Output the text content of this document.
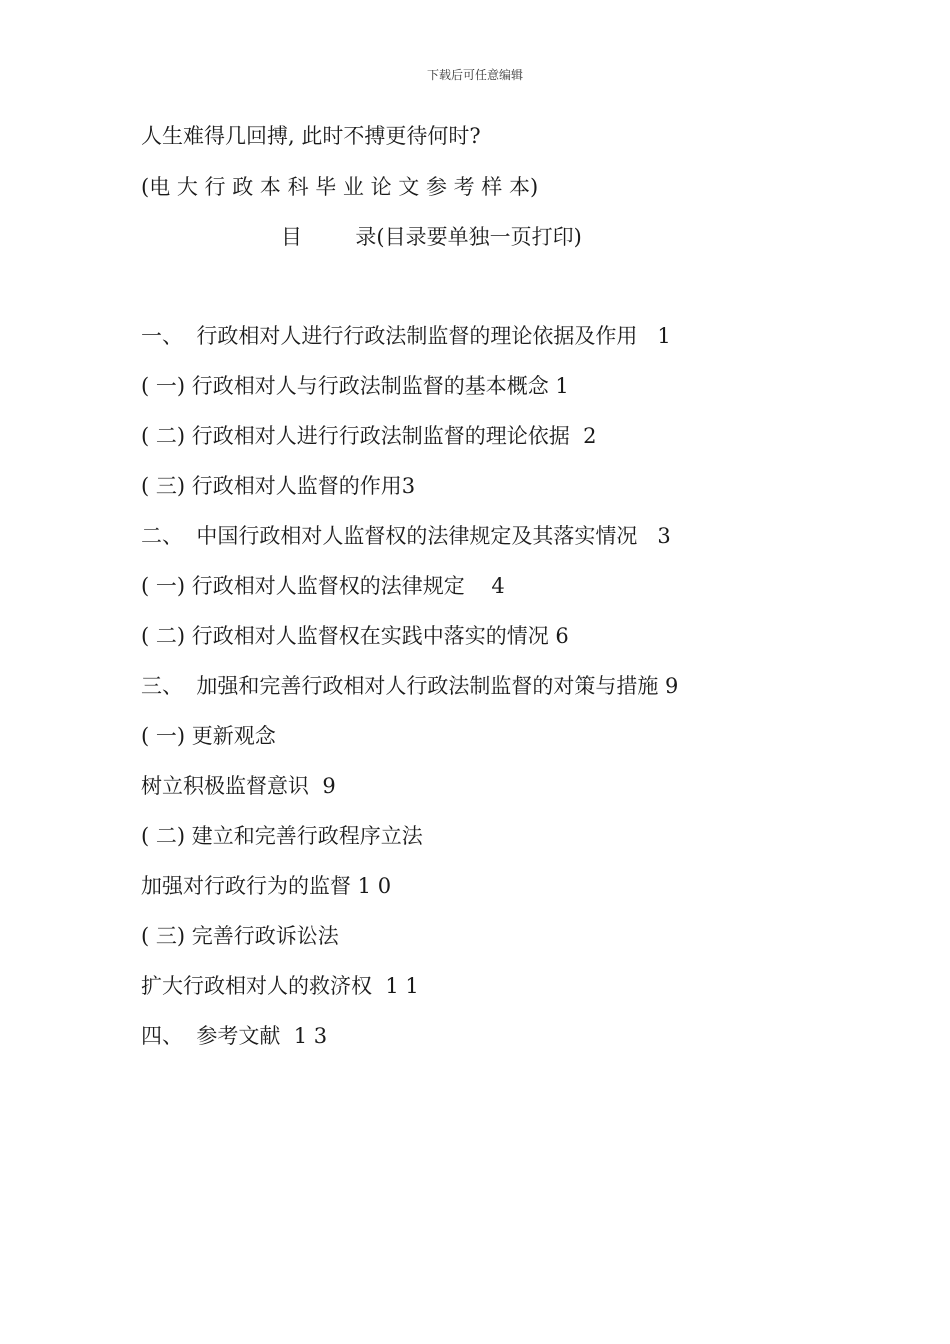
下载后可任意编辑
人生难得几回搏, 此时不搏更待何时?
(电 大 行 政 本 科 毕 业 论 文 参 考 样 本)
目        录(目录要单独一页打印)
一、  行政相对人进行行政法制监督的理论依据及作用   1
( 一) 行政相对人与行政法制监督的基本概念 1
( 二) 行政相对人进行行政法制监督的理论依据  2
( 三) 行政相对人监督的作用3
二、  中国行政相对人监督权的法律规定及其落实情况   3
( 一) 行政相对人监督权的法律规定    4
( 二) 行政相对人监督权在实践中落实的情况 6
三、  加强和完善行政相对人行政法制监督的对策与措施 9
( 一) 更新观念
树立积极监督意识  9
( 二) 建立和完善行政程序立法
加强对行政行为的监督 1 0
( 三) 完善行政诉讼法
扩大行政相对人的救济权  1 1
四、  参考文献  1 3
